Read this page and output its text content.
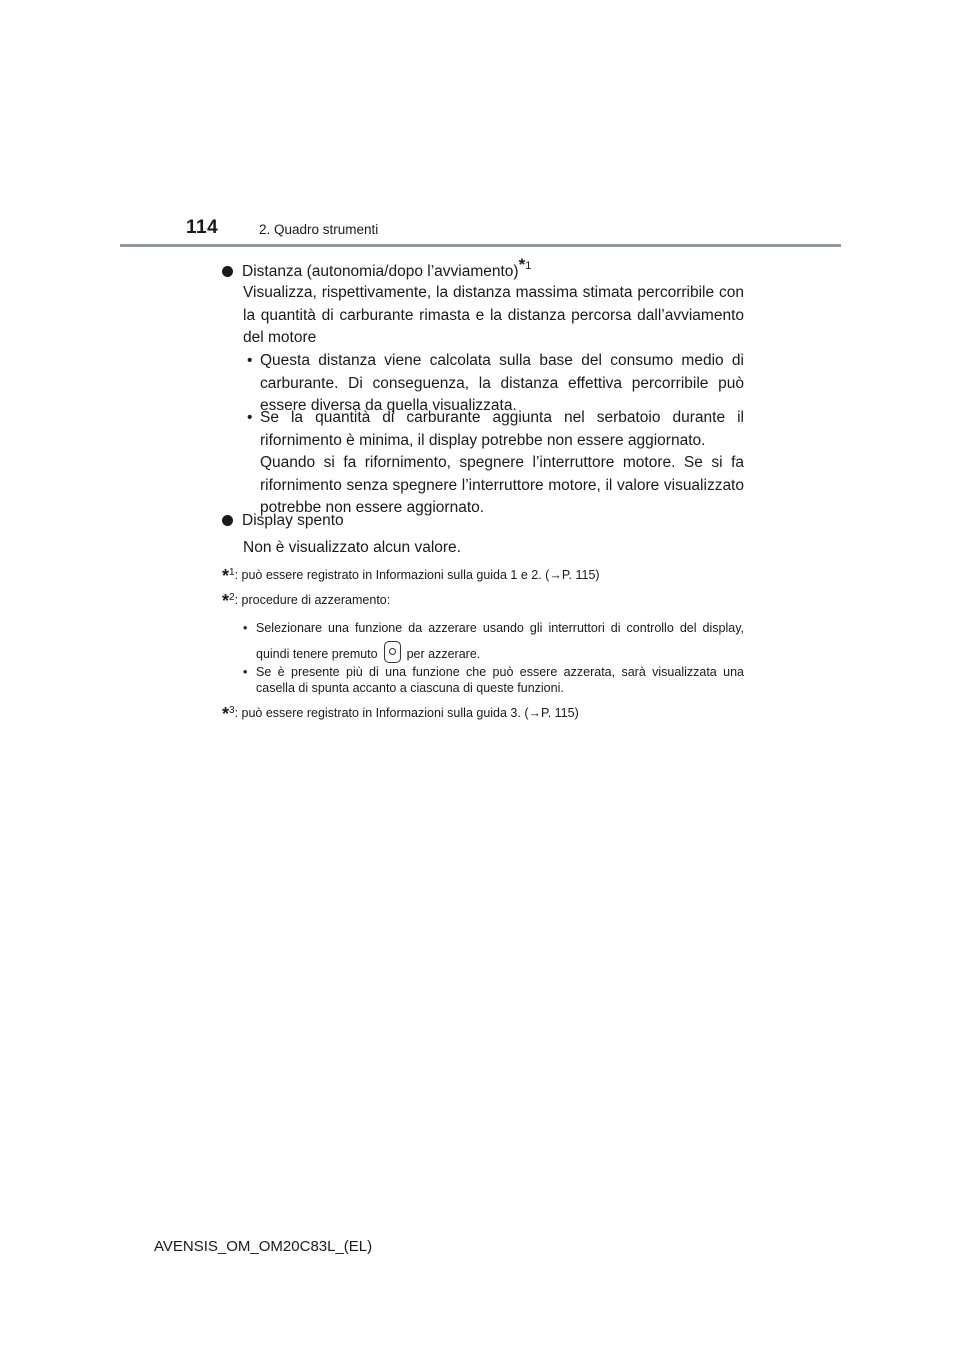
114	2. Quadro strumenti
Distanza (autonomia/dopo l’avviamento)*$^1$
Visualizza, rispettivamente, la distanza massima stimata percorribile con la quantità di carburante rimasta e la distanza percorsa dall’avviamento del motore
• Questa distanza viene calcolata sulla base del consumo medio di carburante. Di conseguenza, la distanza effettiva percorribile può essere diversa da quella visualizzata.
• Se la quantità di carburante aggiunta nel serbatoio durante il rifornimento è minima, il display potrebbe non essere aggiornato.
Quando si fa rifornimento, spegnere l’interruttore motore. Se si fa rifornimento senza spegnere l’interruttore motore, il valore visualizzato potrebbe non essere aggiornato.
Display spento
Non è visualizzato alcun valore.
*$^1$: può essere registrato in Informazioni sulla guida 1 e 2. (→P. 115)
*$^2$: procedure di azzeramento:
• Selezionare una funzione da azzerare usando gli interruttori di controllo del display, quindi tenere premuto per azzerare.
• Se è presente più di una funzione che può essere azzerata, sarà visualizzata una casella di spunta accanto a ciascuna di queste funzioni.
*$^3$: può essere registrato in Informazioni sulla guida 3. (→P. 115)
AVENSIS_OM_OM20C83L_(EL)
